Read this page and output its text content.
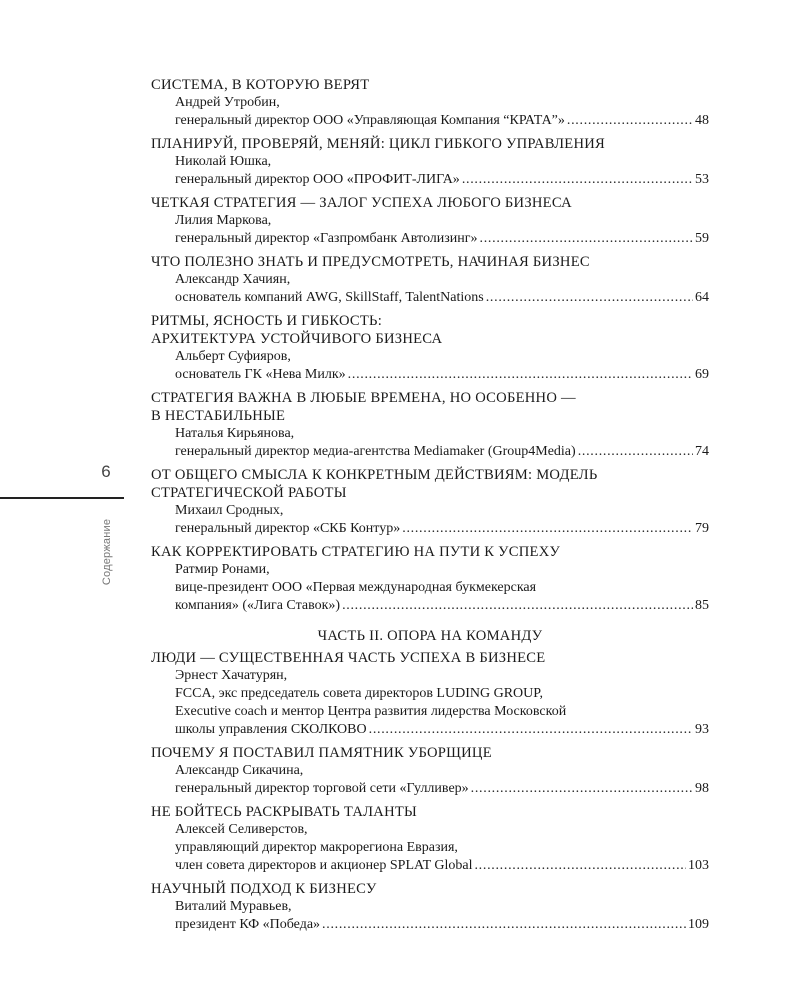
6
Содержание
СИСТЕМА, В КОТОРУЮ ВЕРЯТ
Андрей Утробин,
генеральный директор ООО «Управляющая Компания “КРАТА”» . . .	48
ПЛАНИРУЙ, ПРОВЕРЯЙ, МЕНЯЙ: ЦИКЛ ГИБКОГО УПРАВЛЕНИЯ
Николай Юшка,
генеральный директор ООО «ПРОФИТ-ЛИГА» . . .	53
ЧЕТКАЯ СТРАТЕГИЯ — ЗАЛОГ УСПЕХА ЛЮБОГО БИЗНЕСА
Лилия Маркова,
генеральный директор «Газпромбанк Автолизинг» . . .	59
ЧТО ПОЛЕЗНО ЗНАТЬ И ПРЕДУСМОТРЕТЬ, НАЧИНАЯ БИЗНЕС
Александр Хачиян,
основатель компаний AWG, SkillStaff, TalentNations . . .	64
РИТМЫ, ЯСНОСТЬ И ГИБКОСТЬ:
АРХИТЕКТУРА УСТОЙЧИВОГО БИЗНЕСА
Альберт Суфияров,
основатель ГК «Нева Милк» . . .	69
СТРАТЕГИЯ ВАЖНА В ЛЮБЫЕ ВРЕМЕНА, НО ОСОБЕННО —
В НЕСТАБИЛЬНЫЕ
Наталья Кирьянова,
генеральный директор медиа-агентства Mediamaker (Group4Media) . . .	74
ОТ ОБЩЕГО СМЫСЛА К КОНКРЕТНЫМ ДЕЙСТВИЯМ: МОДЕЛЬ
СТРАТЕГИЧЕСКОЙ РАБОТЫ
Михаил Сродных,
генеральный директор «СКБ Контур» . . .	79
КАК КОРРЕКТИРОВАТЬ СТРАТЕГИЮ НА ПУТИ К УСПЕХУ
Ратмир Ронами,
вице-президент ООО «Первая международная букмекерская
компания» («Лига Ставок») . . .	85
ЧАСТЬ II. ОПОРА НА КОМАНДУ
ЛЮДИ — СУЩЕСТВЕННАЯ ЧАСТЬ УСПЕХА В БИЗНЕСЕ
Эрнест Хачатурян,
FCCA, экс председатель совета директоров LUDING GROUP,
Executive coach и ментор Центра развития лидерства Московской
школы управления СКОЛКОВО . . .	93
ПОЧЕМУ Я ПОСТАВИЛ ПАМЯТНИК УБОРЩИЦЕ
Александр Сикачина,
генеральный директор торговой сети «Гулливер» . . .	98
НЕ БОЙТЕСЬ РАСКРЫВАТЬ ТАЛАНТЫ
Алексей Селиверстов,
управляющий директор макрорегиона Евразия,
член совета директоров и акционер SPLAT Global . . .	103
НАУЧНЫЙ ПОДХОД К БИЗНЕСУ
Виталий Муравьев,
президент КФ «Победа» . . .	109
